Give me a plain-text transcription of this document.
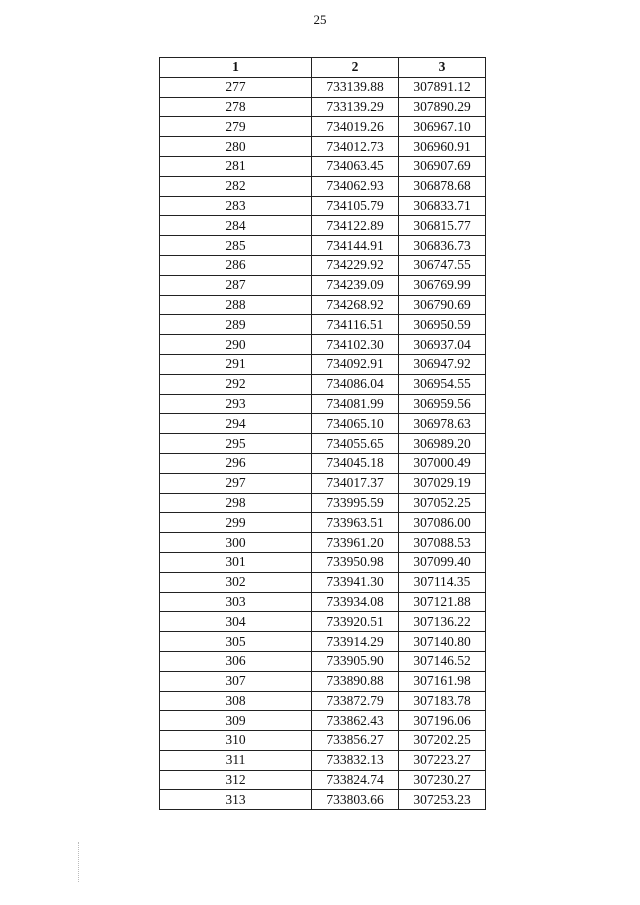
25
1	2	3
277	733139.88	307891.12
278	733139.29	307890.29
279	734019.26	306967.10
280	734012.73	306960.91
281	734063.45	306907.69
282	734062.93	306878.68
283	734105.79	306833.71
284	734122.89	306815.77
285	734144.91	306836.73
286	734229.92	306747.55
287	734239.09	306769.99
288	734268.92	306790.69
289	734116.51	306950.59
290	734102.30	306937.04
291	734092.91	306947.92
292	734086.04	306954.55
293	734081.99	306959.56
294	734065.10	306978.63
295	734055.65	306989.20
296	734045.18	307000.49
297	734017.37	307029.19
298	733995.59	307052.25
299	733963.51	307086.00
300	733961.20	307088.53
301	733950.98	307099.40
302	733941.30	307114.35
303	733934.08	307121.88
304	733920.51	307136.22
305	733914.29	307140.80
306	733905.90	307146.52
307	733890.88	307161.98
308	733872.79	307183.78
309	733862.43	307196.06
310	733856.27	307202.25
311	733832.13	307223.27
312	733824.74	307230.27
313	733803.66	307253.23
